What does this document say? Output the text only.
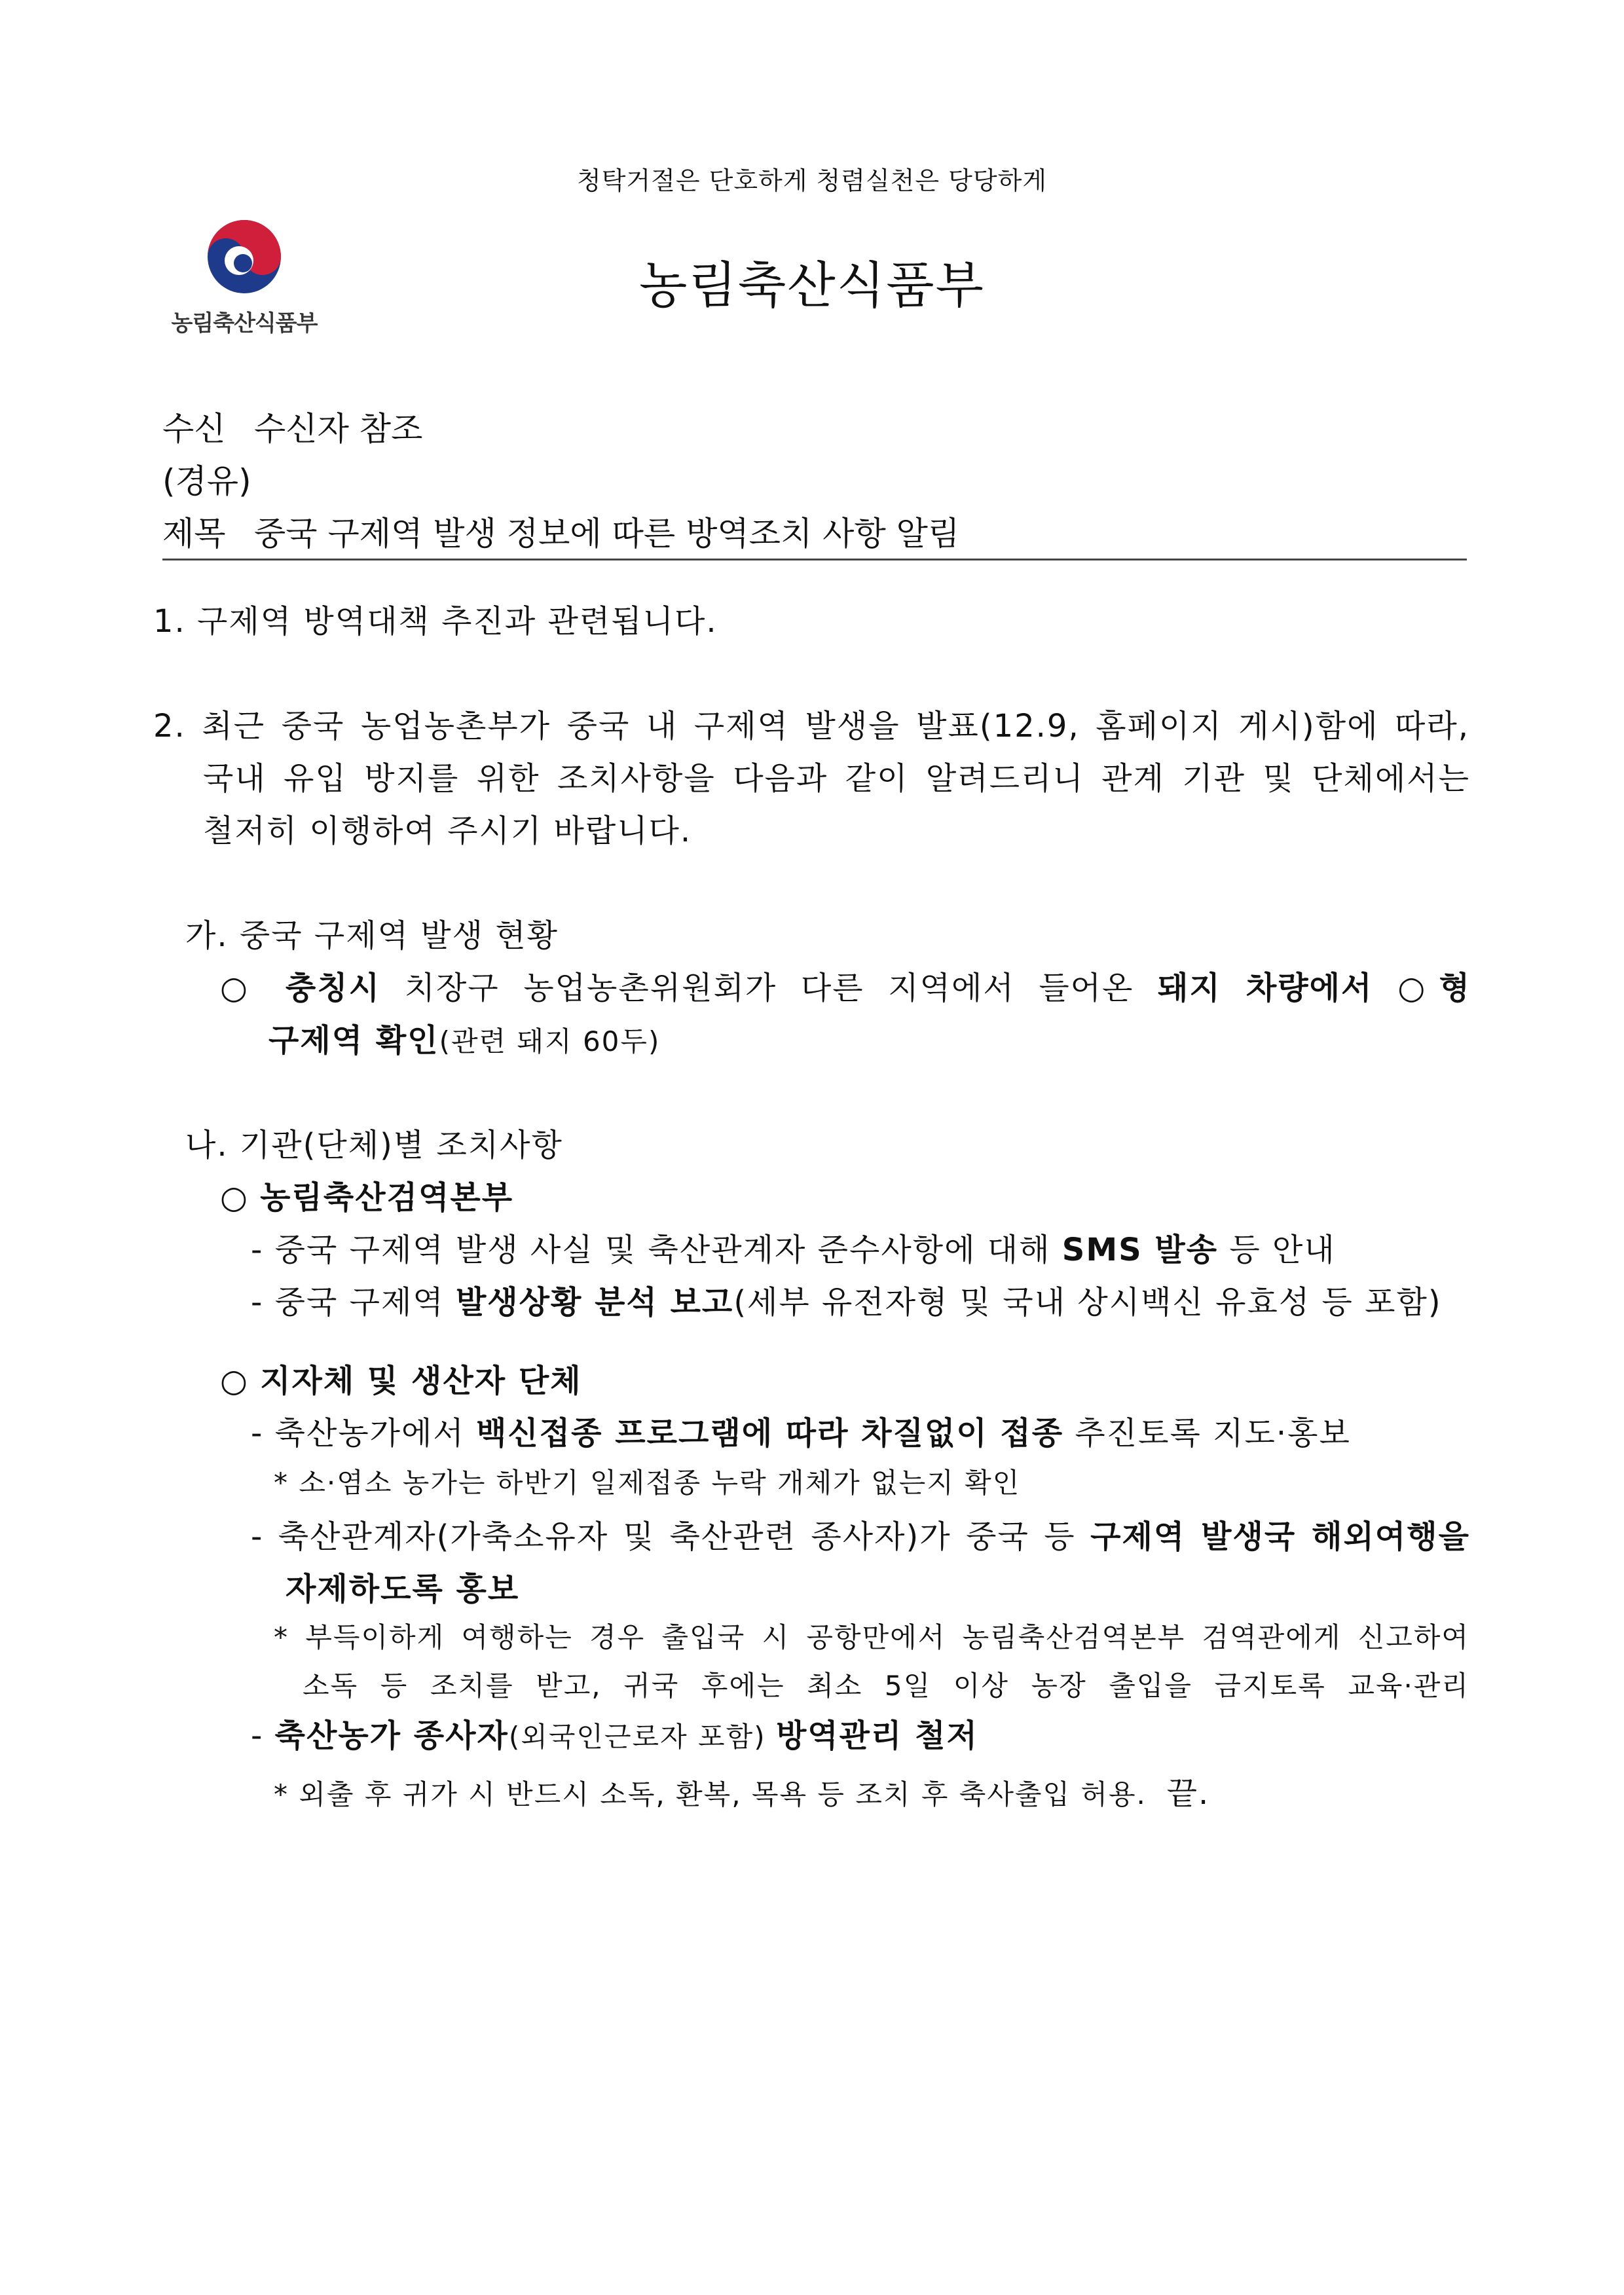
청탁거절은 단호하게 청렴실천은 당당하게
농림축산식품부
농림축산식품부
수신 수신자 참조
(경유)
제목 중국 구제역 발생 정보에 따른 방역조치 사항 알림
1. 구제역 방역대책 추진과 관련됩니다.
2. 최근 중국 농업농촌부가 중국 내 구제역 발생을 발표(12.9, 홈페이지 게시)함에 따라,
국내 유입 방지를 위한 조치사항을 다음과 같이 알려드리니 관계 기관 및 단체에서는
철저히 이행하여 주시기 바랍니다.
가. 중국 구제역 발생 현황
○ 충칭시 치장구 농업농촌위원회가 다른 지역에서 들어온 돼지 차량에서 ○형
구제역 확인(관련 돼지 60두)
나. 기관(단체)별 조치사항
○ 농림축산검역본부
- 중국 구제역 발생 사실 및 축산관계자 준수사항에 대해 SMS 발송 등 안내
- 중국 구제역 발생상황 분석 보고(세부 유전자형 및 국내 상시백신 유효성 등 포함)
○ 지자체 및 생산자 단체
- 축산농가에서 백신접종 프로그램에 따라 차질없이 접종 추진토록 지도·홍보
* 소·염소 농가는 하반기 일제접종 누락 개체가 없는지 확인
- 축산관계자(가축소유자 및 축산관련 종사자)가 중국 등 구제역 발생국 해외여행을
자제하도록 홍보
* 부득이하게 여행하는 경우 출입국 시 공항만에서 농림축산검역본부 검역관에게 신고하여
소독 등 조치를 받고, 귀국 후에는 최소 5일 이상 농장 출입을 금지토록 교육·관리
- 축산농가 종사자(외국인근로자 포함) 방역관리 철저
* 외출 후 귀가 시 반드시 소독, 환복, 목욕 등 조치 후 축사출입 허용. 끝.
